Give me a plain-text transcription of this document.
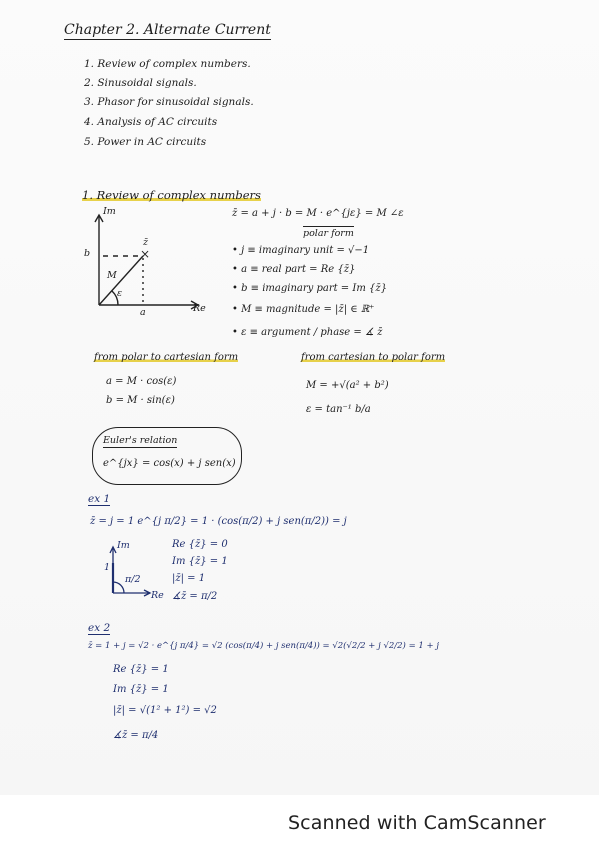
Chapter 2. Alternate Current
1. Review of complex numbers.
2. Sinusoidal signals.
3. Phasor for sinusoidal signals.
4. Analysis of AC circuits
5. Power in AC circuits
1. Review of complex numbers
×
Im
Re
z̄
b
a
M
ε
z̄ = a + j · b = M · e^{jε} = M ∠ε
polar form
• j ≡ imaginary unit = √−1
• a ≡ real part = Re {z̄}
• b ≡ imaginary part = Im {z̄}
• M ≡ magnitude = |z̄| ∈ ℝ⁺
• ε ≡ argument / phase = ∡ z̄
from polar to cartesian form
a = M · cos(ε)
b = M · sin(ε)
from cartesian to polar form
M = +√(a² + b²)
ε = tan⁻¹ b/a
Euler's relation
e^{jx} = cos(x) + j sen(x)
ex 1
z̄ = j = 1 e^{j π/2} = 1 · (cos(π/2) + j sen(π/2)) = j
Im
Re
1
π/2
Re {z̄} = 0
Im {z̄} = 1
|z̄| = 1
∡z̄ = π/2
ex 2
z̄ = 1 + j = √2 · e^{j π/4} = √2 (cos(π/4) + j sen(π/4)) = √2(√2/2 + j √2/2) = 1 + j
Re {z̄} = 1
Im {z̄} = 1
|z̄| = √(1² + 1²) = √2
∡z̄ = π/4
Scanned with CamScanner
